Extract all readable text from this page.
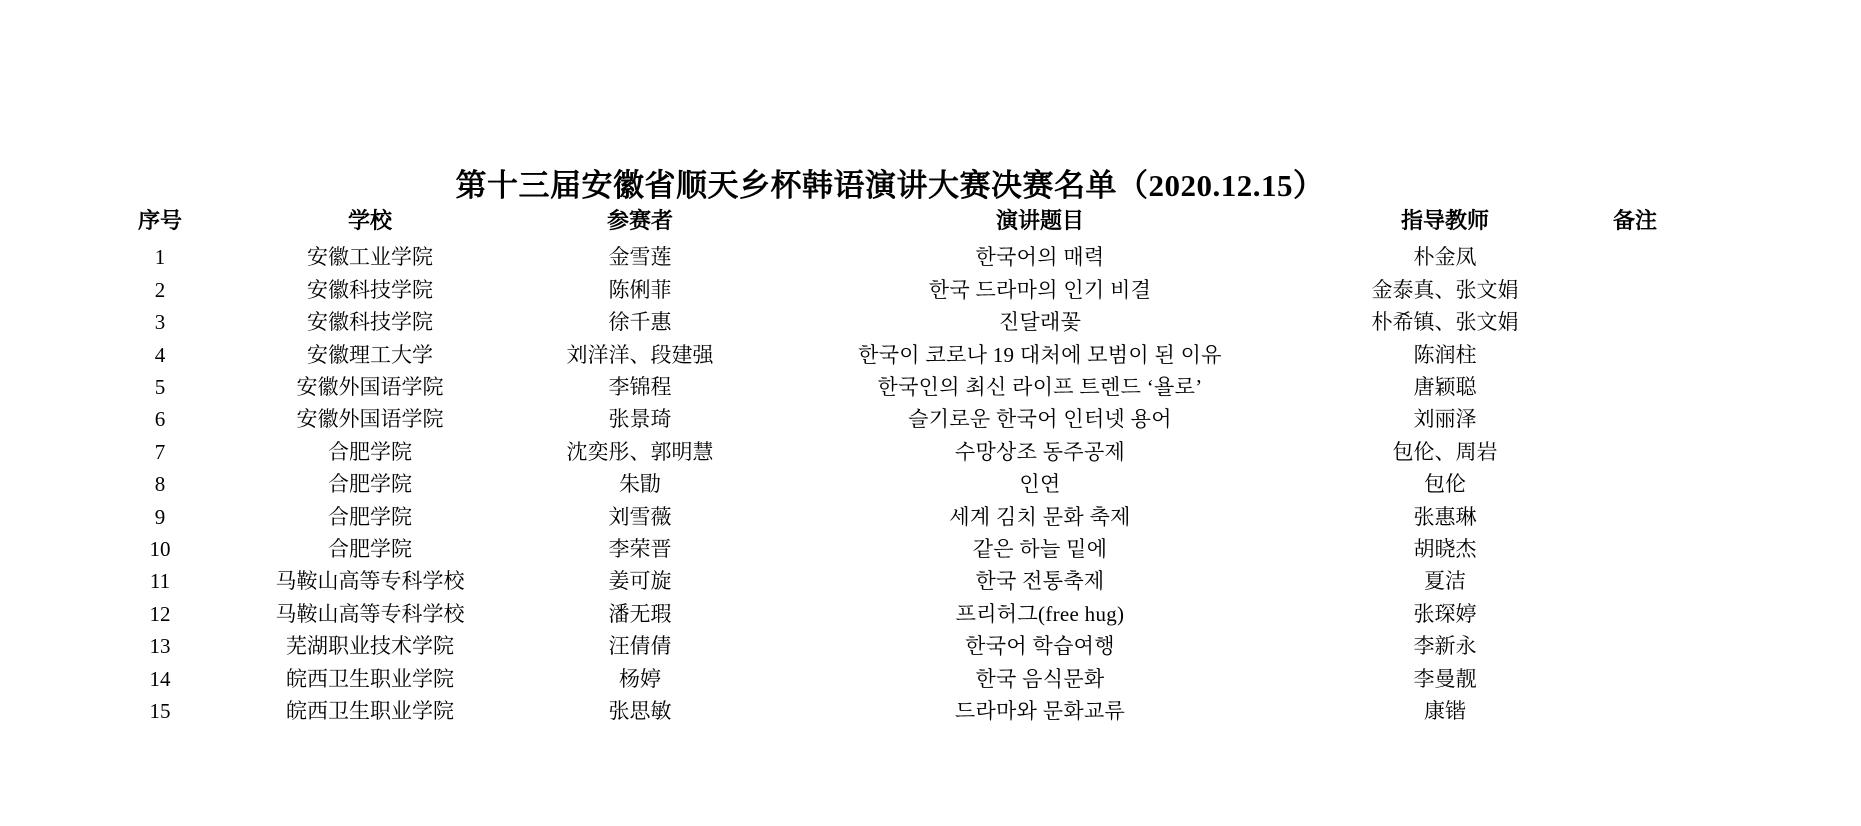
第十三届安徽省顺天乡杯韩语演讲大赛决赛名单（2020.12.15）
序号	学校	参赛者	演讲题目	指导教师	备注
1	安徽工业学院	金雪莲	한국어의 매력	朴金凤	
2	安徽科技学院	陈俐菲	한국 드라마의 인기 비결	金泰真、张文娟	
3	安徽科技学院	徐千惠	진달래꽃	朴希镇、张文娟	
4	安徽理工大学	刘洋洋、段建强	한국이 코로나 19 대처에 모범이 된 이유	陈润柱	
5	安徽外国语学院	李锦程	한국인의 최신 라이프 트렌드 ‘욜로’	唐颖聪	
6	安徽外国语学院	张景琦	슬기로운 한국어 인터넷 용어	刘丽泽	
7	合肥学院	沈奕彤、郭明慧	수망상조 동주공제	包伦、周岩	
8	合肥学院	朱勖	인연	包伦	
9	合肥学院	刘雪薇	세계 김치 문화 축제	张惠琳	
10	合肥学院	李荣晋	같은 하늘 밑에	胡晓杰	
11	马鞍山高等专科学校	姜可旋	한국 전통축제	夏洁	
12	马鞍山高等专科学校	潘无瑕	프리허그(free hug)	张琛婷	
13	芜湖职业技术学院	汪倩倩	한국어 학습여행	李新永	
14	皖西卫生职业学院	杨婷	한국 음식문화	李曼靓	
15	皖西卫生职业学院	张思敏	드라마와 문화교류	康锴	
